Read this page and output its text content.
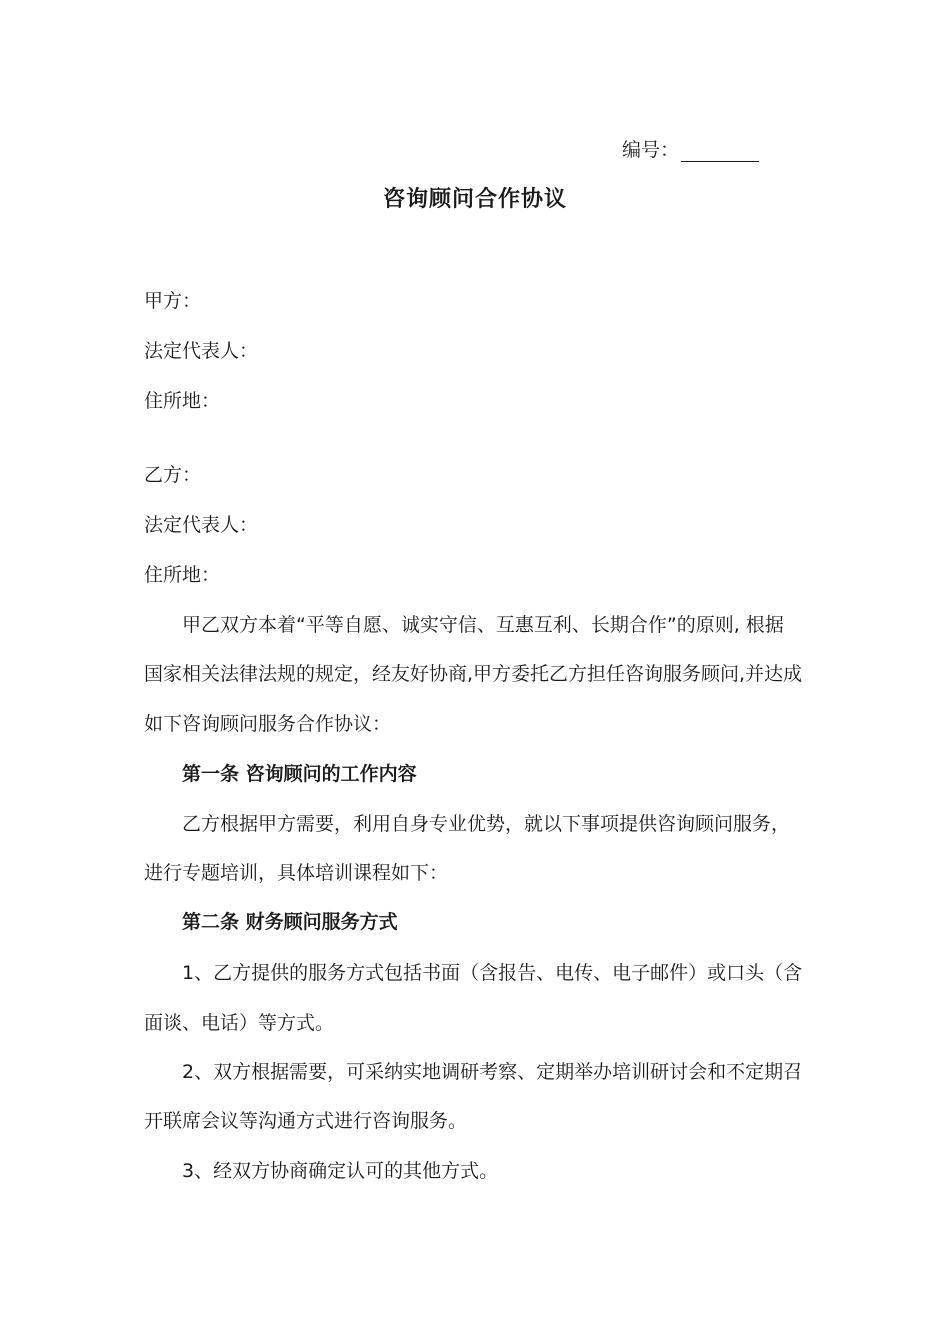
编号：
咨询顾问合作协议
甲方：
法定代表人：
住所地：
乙方：
法定代表人：
住所地：
甲乙双方本着“平等自愿、诚实守信、互惠互利、长期合作”的原则, 根据
国家相关法律法规的规定，经友好协商,甲方委托乙方担任咨询服务顾问,并达成
如下咨询顾问服务合作协议：
第一条 咨询顾问的工作内容
乙方根据甲方需要，利用自身专业优势，就以下事项提供咨询顾问服务，
进行专题培训，具体培训课程如下：
第二条 财务顾问服务方式
1、乙方提供的服务方式包括书面（含报告、电传、电子邮件）或口头（含
面谈、电话）等方式。
2、双方根据需要，可采纳实地调研考察、定期举办培训研讨会和不定期召
开联席会议等沟通方式进行咨询服务。
3、经双方协商确定认可的其他方式。
